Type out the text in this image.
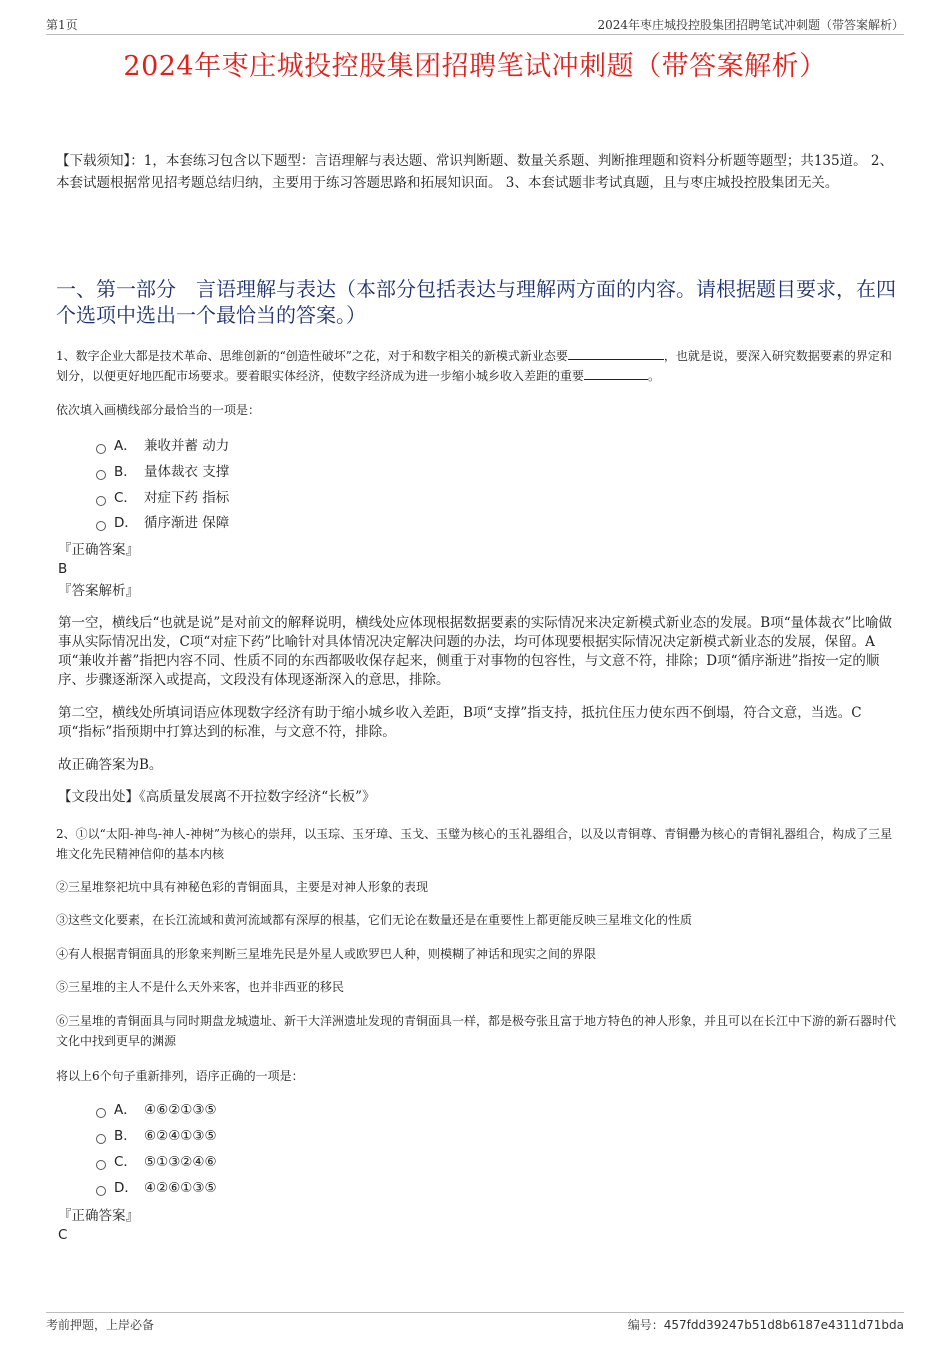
第1页	2024年枣庄城投控股集团招聘笔试冲刺题（带答案解析）
2024年枣庄城投控股集团招聘笔试冲刺题（带答案解析）
【下载须知】：1，本套练习包含以下题型：言语理解与表达题、常识判断题、数量关系题、判断推理题和资料分析题等题型；共135道。 2、本套试题根据常见招考题总结归纳，主要用于练习答题思路和拓展知识面。 3、本套试题非考试真题，且与枣庄城投控股集团无关。
一、第一部分　言语理解与表达（本部分包括表达与理解两方面的内容。请根据题目要求，在四个选项中选出一个最恰当的答案。）
1、数字企业大都是技术革命、思维创新的“创造性破坏”之花，对于和数字相关的新模式新业态要	，也就是说，要深入研究数据要素的界定和划分，以便更好地匹配市场要求。要着眼实体经济，使数字经济成为进一步缩小城乡收入差距的重要	。
依次填入画横线部分最恰当的一项是：
A． 兼收并蓄 动力
B． 量体裁衣 支撑
C． 对症下药 指标
D． 循序渐进 保障
『正确答案』
B
『答案解析』
第一空，横线后“也就是说”是对前文的解释说明，横线处应体现根据数据要素的实际情况来决定新模式新业态的发展。B项“量体裁衣”比喻做事从实际情况出发，C项“对症下药”比喻针对具体情况决定解决问题的办法，均可体现要根据实际情况决定新模式新业态的发展，保留。A项“兼收并蓄”指把内容不同、性质不同的东西都吸收保存起来，侧重于对事物的包容性，与文意不符，排除；D项“循序渐进”指按一定的顺序、步骤逐渐深入或提高，文段没有体现逐渐深入的意思，排除。
第二空，横线处所填词语应体现数字经济有助于缩小城乡收入差距，B项“支撑”指支持，抵抗住压力使东西不倒塌，符合文意，当选。C项“指标”指预期中打算达到的标准，与文意不符，排除。
故正确答案为B。
【文段出处】《高质量发展离不开拉数字经济“长板”》
2、①以“太阳-神鸟-神人-神树”为核心的崇拜，以玉琮、玉牙璋、玉戈、玉璧为核心的玉礼器组合，以及以青铜尊、青铜罍为核心的青铜礼器组合，构成了三星堆文化先民精神信仰的基本内核
②三星堆祭祀坑中具有神秘色彩的青铜面具，主要是对神人形象的表现
③这些文化要素，在长江流域和黄河流域都有深厚的根基，它们无论在数量还是在重要性上都更能反映三星堆文化的性质
④有人根据青铜面具的形象来判断三星堆先民是外星人或欧罗巴人种，则模糊了神话和现实之间的界限
⑤三星堆的主人不是什么天外来客，也并非西亚的移民
⑥三星堆的青铜面具与同时期盘龙城遗址、新干大洋洲遗址发现的青铜面具一样，都是极夸张且富于地方特色的神人形象，并且可以在长江中下游的新石器时代文化中找到更早的渊源
将以上6个句子重新排列，语序正确的一项是：
A． ④⑥②①③⑤
B． ⑥②④①③⑤
C． ⑤①③②④⑥
D． ④②⑥①③⑤
『正确答案』
C
考前押题，上岸必备	编号：457fdd39247b51d8b6187e4311d71bda
